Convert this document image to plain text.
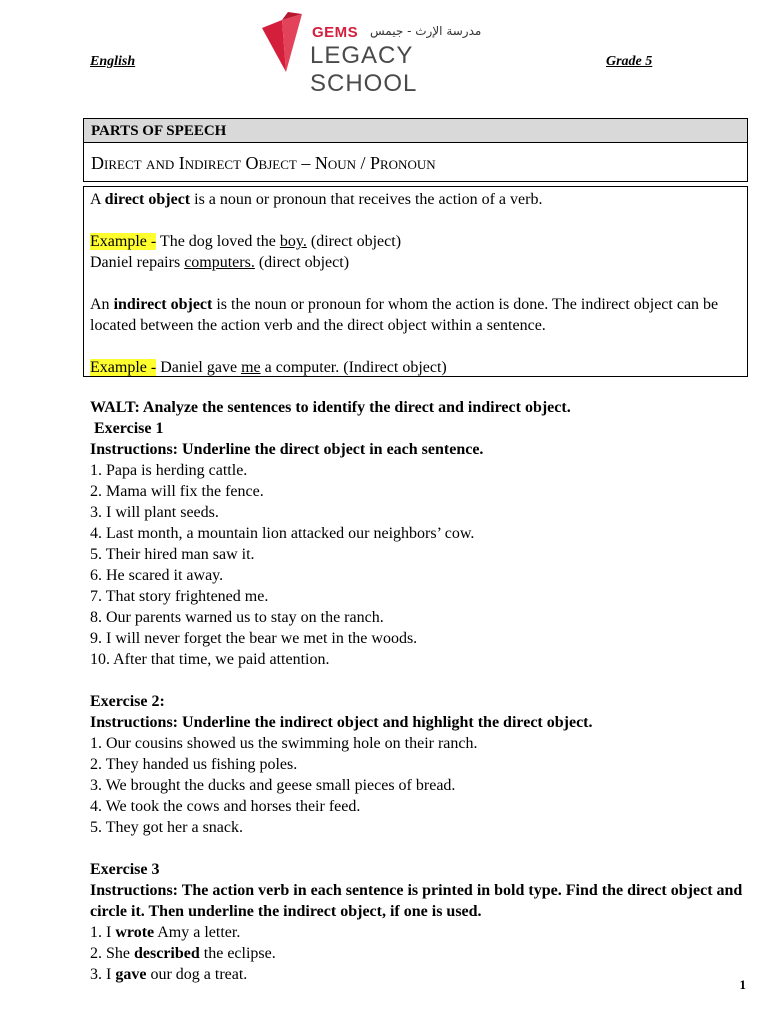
English	Grade 5
GEMS مدرسة الإرث - جيمس
LEGACY SCHOOL
PARTS OF SPEECH
Direct and Indirect Object – Noun / Pronoun

A direct object is a noun or pronoun that receives the action of a verb.

Example - The dog loved the boy. (direct object)

Daniel repairs computers. (direct object)

An indirect object is the noun or pronoun for whom the action is done. The indirect object can be located between the action verb and the direct object within a sentence.

Example - Daniel gave me a computer. (Indirect object)

WALT: Analyze the sentences to identify the direct and indirect object.

Exercise 1

Instructions: Underline the direct object in each sentence.

1. Papa is herding cattle.

2. Mama will fix the fence.

3. I will plant seeds.

4. Last month, a mountain lion attacked our neighbors’ cow.

5. Their hired man saw it.

6. He scared it away.

7. That story frightened me.

8. Our parents warned us to stay on the ranch.

9. I will never forget the bear we met in the woods.

10. After that time, we paid attention.

Exercise 2:

Instructions: Underline the indirect object and highlight the direct object.

1. Our cousins showed us the swimming hole on their ranch.

2. They handed us fishing poles.

3. We brought the ducks and geese small pieces of bread.

4. We took the cows and horses their feed.

5. They got her a snack.

Exercise 3

Instructions: The action verb in each sentence is printed in bold type. Find the direct object and circle it. Then underline the indirect object, if one is used.

1. I wrote Amy a letter.

2. She described the eclipse.

3. I gave our dog a treat.

1
